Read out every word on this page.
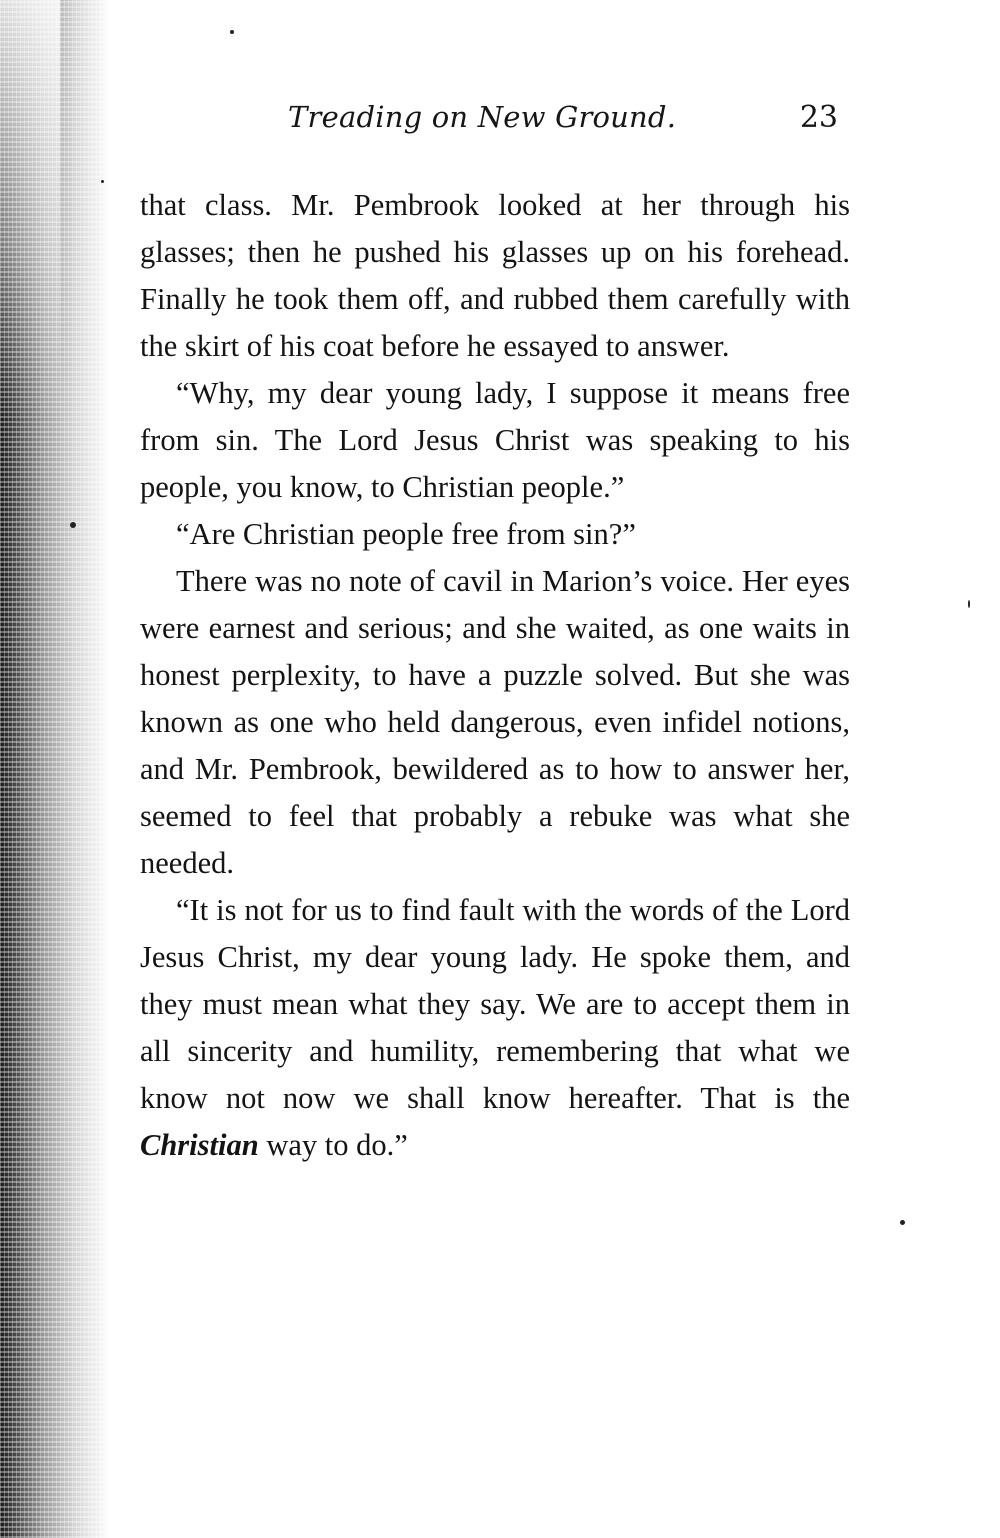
Treading on New Ground.	23

that class. Mr. Pembrook looked at her through his glasses; then he pushed his glasses up on his forehead. Finally he took them off, and rubbed them carefully with the skirt of his coat before he essayed to answer.

“Why, my dear young lady, I suppose it means free from sin. The Lord Jesus Christ was speaking to his people, you know, to Christian people.”

“Are Christian people free from sin?”

There was no note of cavil in Marion’s voice. Her eyes were earnest and serious; and she waited, as one waits in honest perplexity, to have a puzzle solved. But she was known as one who held dangerous, even infidel notions, and Mr. Pembrook, bewildered as to how to answer her, seemed to feel that probably a rebuke was what she needed.

“It is not for us to find fault with the words of the Lord Jesus Christ, my dear young lady. He spoke them, and they must mean what they say. We are to accept them in all sincerity and humility, remembering that what we know not now we shall know hereafter. That is the Christian way to do.”
